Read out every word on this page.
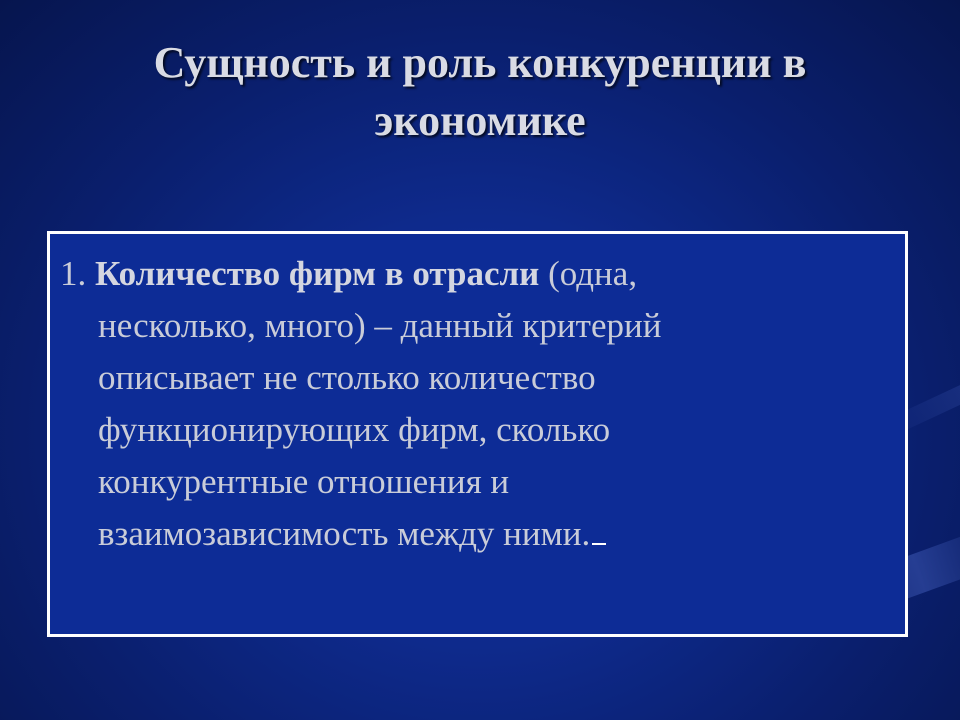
Сущность и роль конкуренции в экономике
1. Количество фирм в отрасли (одна, несколько, много) – данный критерий описывает не столько количество функционирующих фирм, сколько конкурентные отношения и взаимозависимость между ними.
